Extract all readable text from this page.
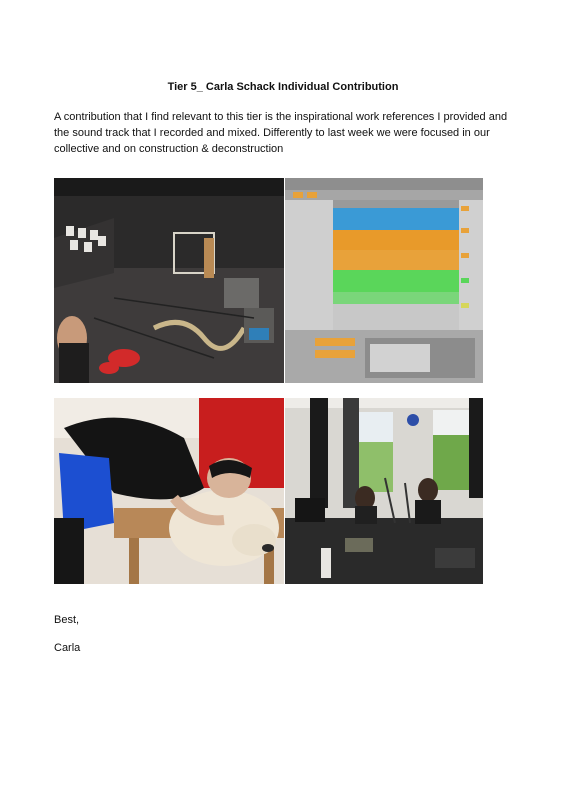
Tier 5_ Carla Schack Individual Contribution
A contribution that I find relevant to this tier is the inspirational work references I provided and the sound track that I recorded and mixed. Differently to last week we were focused in our collective and on construction & deconstruction
Best,
Carla
